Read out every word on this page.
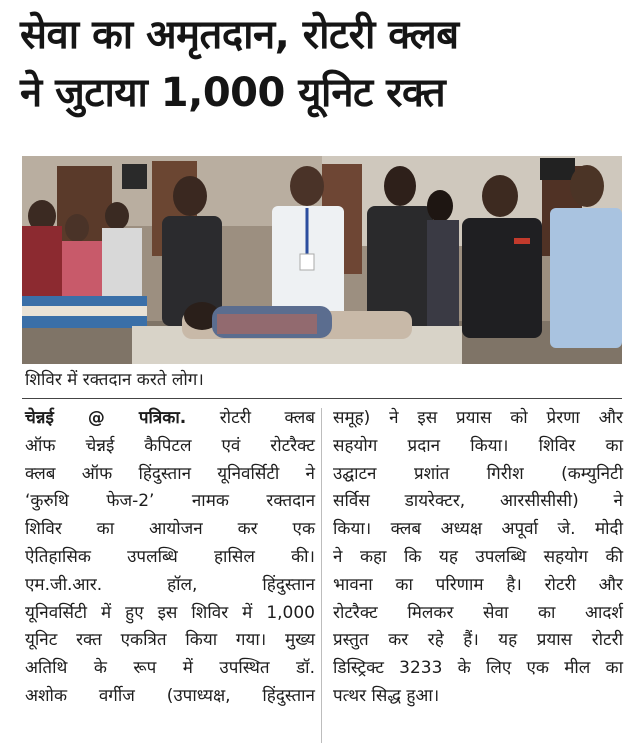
सेवा का अमृतदान, रोटरी क्लब
ने जुटाया 1,000 यूनिट रक्त
शिविर में रक्तदान करते लोग।
चेन्नई @ पत्रिका. रोटरी क्लब
ऑफ चेन्नई कैपिटल एवं रोटरैक्ट
क्लब ऑफ हिंदुस्तान यूनिवर्सिटी ने
‘कुरुथि फेज-2’ नामक रक्तदान
शिविर का आयोजन कर एक
ऐतिहासिक उपलब्धि हासिल की।
एम.जी.आर. हॉल, हिंदुस्तान
यूनिवर्सिटी में हुए इस शिविर में 1,000
यूनिट रक्त एकत्रित किया गया। मुख्य
अतिथि के रूप में उपस्थित डॉ.
अशोक वर्गीज (उपाध्यक्ष, हिंदुस्तान
समूह) ने इस प्रयास को प्रेरणा और
सहयोग प्रदान किया। शिविर का
उद्घाटन प्रशांत गिरीश (कम्युनिटी
सर्विस डायरेक्टर, आरसीसीसी) ने
किया। क्लब अध्यक्ष अपूर्वा जे. मोदी
ने कहा कि यह उपलब्धि सहयोग की
भावना का परिणाम है। रोटरी और
रोटरैक्ट मिलकर सेवा का आदर्श
प्रस्तुत कर रहे हैं। यह प्रयास रोटरी
डिस्ट्रिक्ट 3233 के लिए एक मील का
पत्थर सिद्ध हुआ।
